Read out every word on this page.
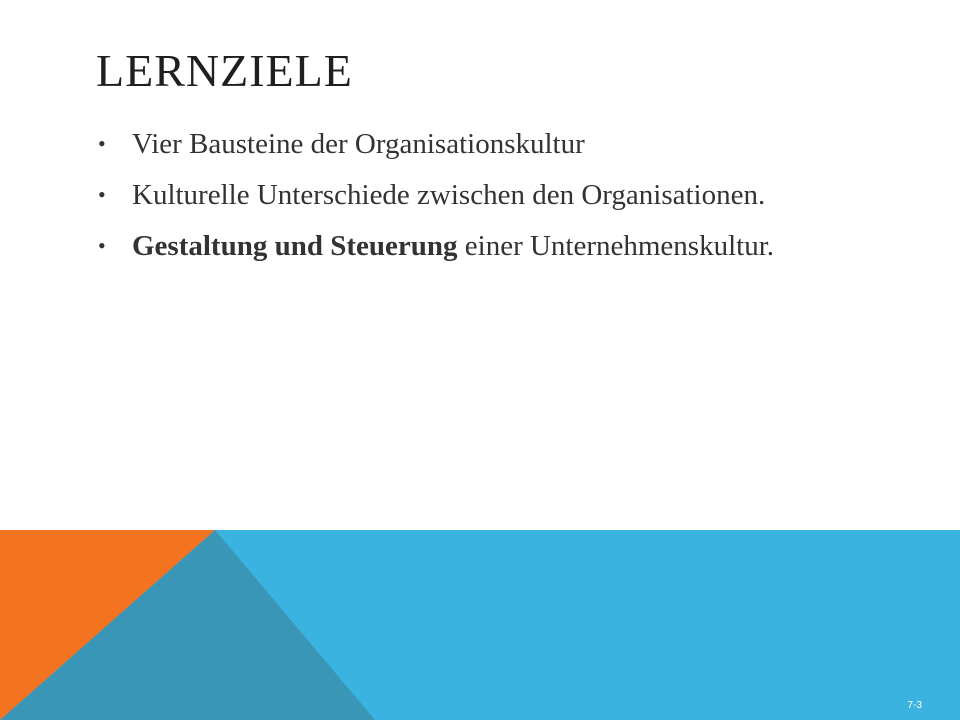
LERNZIELE
• Vier Bausteine der Organisationskultur
• Kulturelle Unterschiede zwischen den Organisationen.
• Gestaltung und Steuerung einer Unternehmenskultur.
7-3
